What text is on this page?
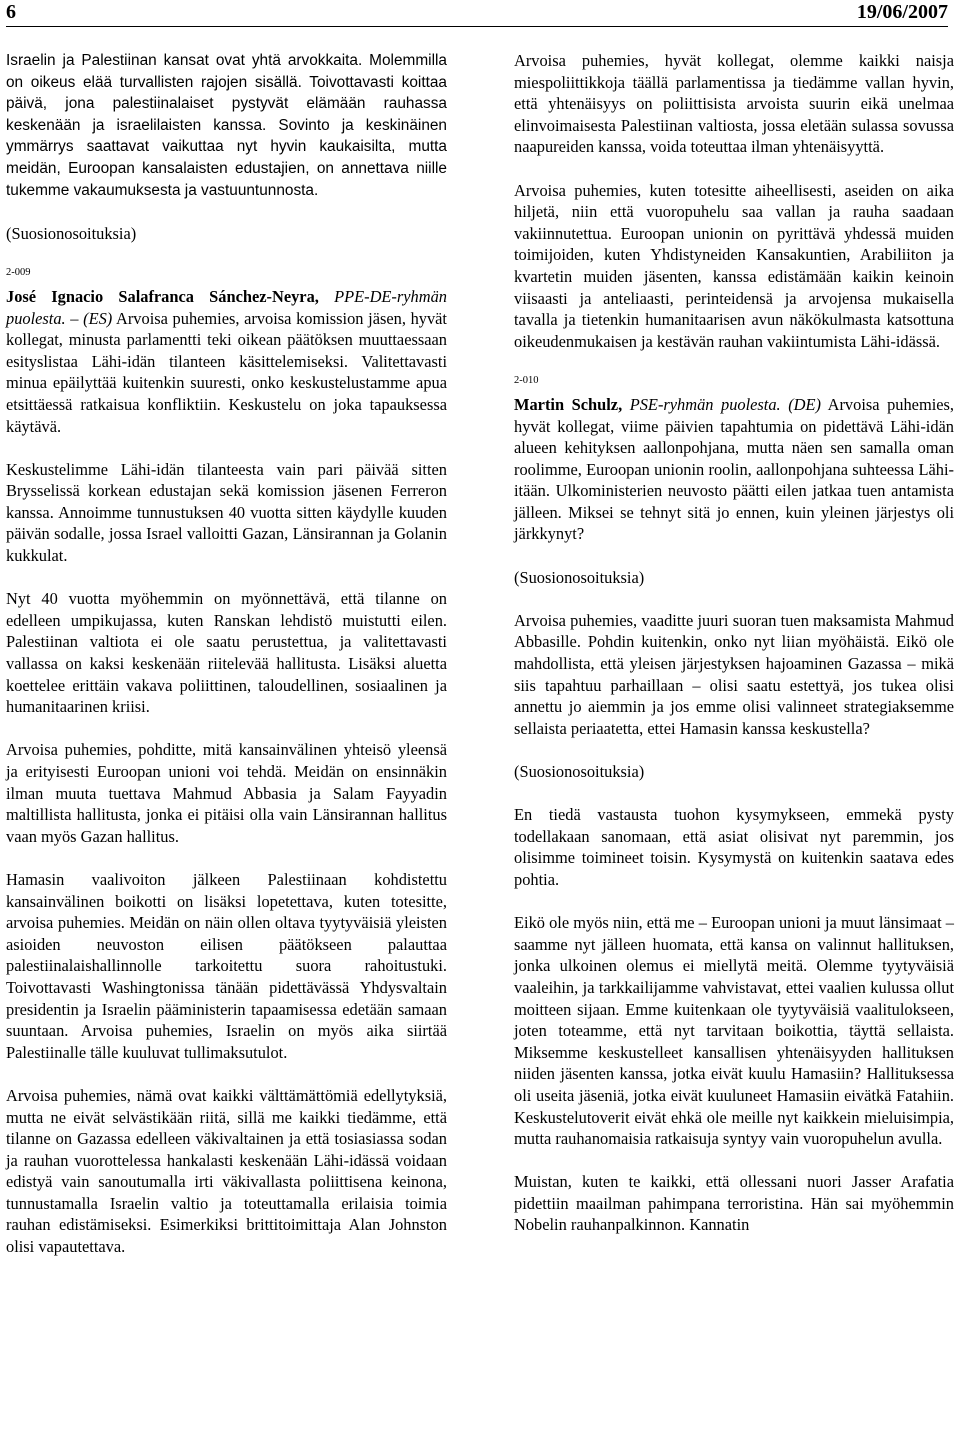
6	19/06/2007

Israelin ja Palestiinan kansat ovat yhtä arvokkaita. Molemmilla on oikeus elää turvallisten rajojen sisällä. Toivottavasti koittaa päivä, jona palestiinalaiset pystyvät elämään rauhassa keskenään ja israelilaisten kanssa. Sovinto ja keskinäinen ymmärrys saattavat vaikuttaa nyt hyvin kaukaisilta, mutta meidän, Euroopan kansalaisten edustajien, on annettava niille tukemme vakaumuksesta ja vastuuntunnosta.

(Suosionosoituksia)
2-009

José Ignacio Salafranca Sánchez-Neyra, PPE-DE-ryhmän puolesta. – (ES) Arvoisa puhemies, arvoisa komission jäsen, hyvät kollegat, minusta parlamentti teki oikean päätöksen muuttaessaan esityslistaa Lähi-idän tilanteen käsittelemiseksi. Valitettavasti minua epäilyttää kuitenkin suuresti, onko keskustelustamme apua etsittäessä ratkaisua konfliktiin. Keskustelu on joka tapauksessa käytävä.

Keskustelimme Lähi-idän tilanteesta vain pari päivää sitten Brysselissä korkean edustajan sekä komission jäsenen Ferreron kanssa. Annoimme tunnustuksen 40 vuotta sitten käydylle kuuden päivän sodalle, jossa Israel valloitti Gazan, Länsirannan ja Golanin kukkulat.

Nyt 40 vuotta myöhemmin on myönnettävä, että tilanne on edelleen umpikujassa, kuten Ranskan lehdistö muistutti eilen. Palestiinan valtiota ei ole saatu perustettua, ja valitettavasti vallassa on kaksi keskenään riitelevää hallitusta. Lisäksi aluetta koettelee erittäin vakava poliittinen, taloudellinen, sosiaalinen ja humanitaarinen kriisi.

Arvoisa puhemies, pohditte, mitä kansainvälinen yhteisö yleensä ja erityisesti Euroopan unioni voi tehdä. Meidän on ensinnäkin ilman muuta tuettava Mahmud Abbasia ja Salam Fayyadin maltillista hallitusta, jonka ei pitäisi olla vain Länsirannan hallitus vaan myös Gazan hallitus.

Hamasin vaalivoiton jälkeen Palestiinaan kohdistettu kansainvälinen boikotti on lisäksi lopetettava, kuten totesitte, arvoisa puhemies. Meidän on näin ollen oltava tyytyväisiä yleisten asioiden neuvoston eilisen päätökseen palauttaa palestiinalaishallinnolle tarkoitettu suora rahoitustuki. Toivottavasti Washingtonissa tänään pidettävässä Yhdysvaltain presidentin ja Israelin pääministerin tapaamisessa edetään samaan suuntaan. Arvoisa puhemies, Israelin on myös aika siirtää Palestiinalle tälle kuuluvat tullimaksutulot.

Arvoisa puhemies, nämä ovat kaikki välttämättömiä edellytyksiä, mutta ne eivät selvästikään riitä, sillä me kaikki tiedämme, että tilanne on Gazassa edelleen väkivaltainen ja että tosiasiassa sodan ja rauhan vuorottelessa hankalasti keskenään Lähi-idässä voidaan edistyä vain sanoutumalla irti väkivallasta poliittisena keinona, tunnustamalla Israelin valtio ja toteuttamalla erilaisia toimia rauhan edistämiseksi. Esimerkiksi brittitoimittaja Alan Johnston olisi vapautettava.

Arvoisa puhemies, hyvät kollegat, olemme kaikki naisja miespoliittikkoja täällä parlamentissa ja tiedämme vallan hyvin, että yhtenäisyys on poliittisista arvoista suurin eikä unelmaa elinvoimaisesta Palestiinan valtiosta, jossa eletään sulassa sovussa naapureiden kanssa, voida toteuttaa ilman yhtenäisyyttä.

Arvoisa puhemies, kuten totesitte aiheellisesti, aseiden on aika hiljetä, niin että vuoropuhelu saa vallan ja rauha saadaan vakiinnutettua. Euroopan unionin on pyrittävä yhdessä muiden toimijoiden, kuten Yhdistyneiden Kansakuntien, Arabiliiton ja kvartetin muiden jäsenten, kanssa edistämään kaikin keinoin viisaasti ja anteliaasti, perinteidensä ja arvojensa mukaisella tavalla ja tietenkin humanitaarisen avun näkökulmasta katsottuna oikeudenmukaisen ja kestävän rauhan vakiintumista Lähi-idässä.

2-010

Martin Schulz, PSE-ryhmän puolesta. (DE) Arvoisa puhemies, hyvät kollegat, viime päivien tapahtumia on pidettävä Lähi-idän alueen kehityksen aallonpohjana, mutta näen sen samalla oman roolimme, Euroopan unionin roolin, aallonpohjana suhteessa Lähi-itään. Ulkoministerien neuvosto päätti eilen jatkaa tuen antamista jälleen. Miksei se tehnyt sitä jo ennen, kuin yleinen järjestys oli järkkynyt?

(Suosionosoituksia)

Arvoisa puhemies, vaaditte juuri suoran tuen maksamista Mahmud Abbasille. Pohdin kuitenkin, onko nyt liian myöhäistä. Eikö ole mahdollista, että yleisen järjestyksen hajoaminen Gazassa – mikä siis tapahtuu parhaillaan – olisi saatu estettyä, jos tukea olisi annettu jo aiemmin ja jos emme olisi valinneet strategiaksemme sellaista periaatetta, ettei Hamasin kanssa keskustella?

(Suosionosoituksia)

En tiedä vastausta tuohon kysymykseen, emmekä pysty todellakaan sanomaan, että asiat olisivat nyt paremmin, jos olisimme toimineet toisin. Kysymystä on kuitenkin saatava edes pohtia.

Eikö ole myös niin, että me – Euroopan unioni ja muut länsimaat – saamme nyt jälleen huomata, että kansa on valinnut hallituksen, jonka ulkoinen olemus ei miellytä meitä. Olemme tyytyväisiä vaaleihin, ja tarkkailijamme vahvistavat, ettei vaalien kulussa ollut moitteen sijaan. Emme kuitenkaan ole tyytyväisiä vaalitulokseen, joten toteamme, että nyt tarvitaan boikottia, täyttä sellaista. Miksemme keskustelleet kansallisen yhtenäisyyden hallituksen niiden jäsenten kanssa, jotka eivät kuulu Hamasiin? Hallituksessa oli useita jäseniä, jotka eivät kuuluneet Hamasiin eivätkä Fatahiin. Keskustelutoverit eivät ehkä ole meille nyt kaikkein mieluisimpia, mutta rauhanomaisia ratkaisuja syntyy vain vuoropuhelun avulla.

Muistan, kuten te kaikki, että ollessani nuori Jasser Arafatia pidettiin maailman pahimpana terroristina. Hän sai myöhemmin Nobelin rauhanpalkinnon. Kannatin
